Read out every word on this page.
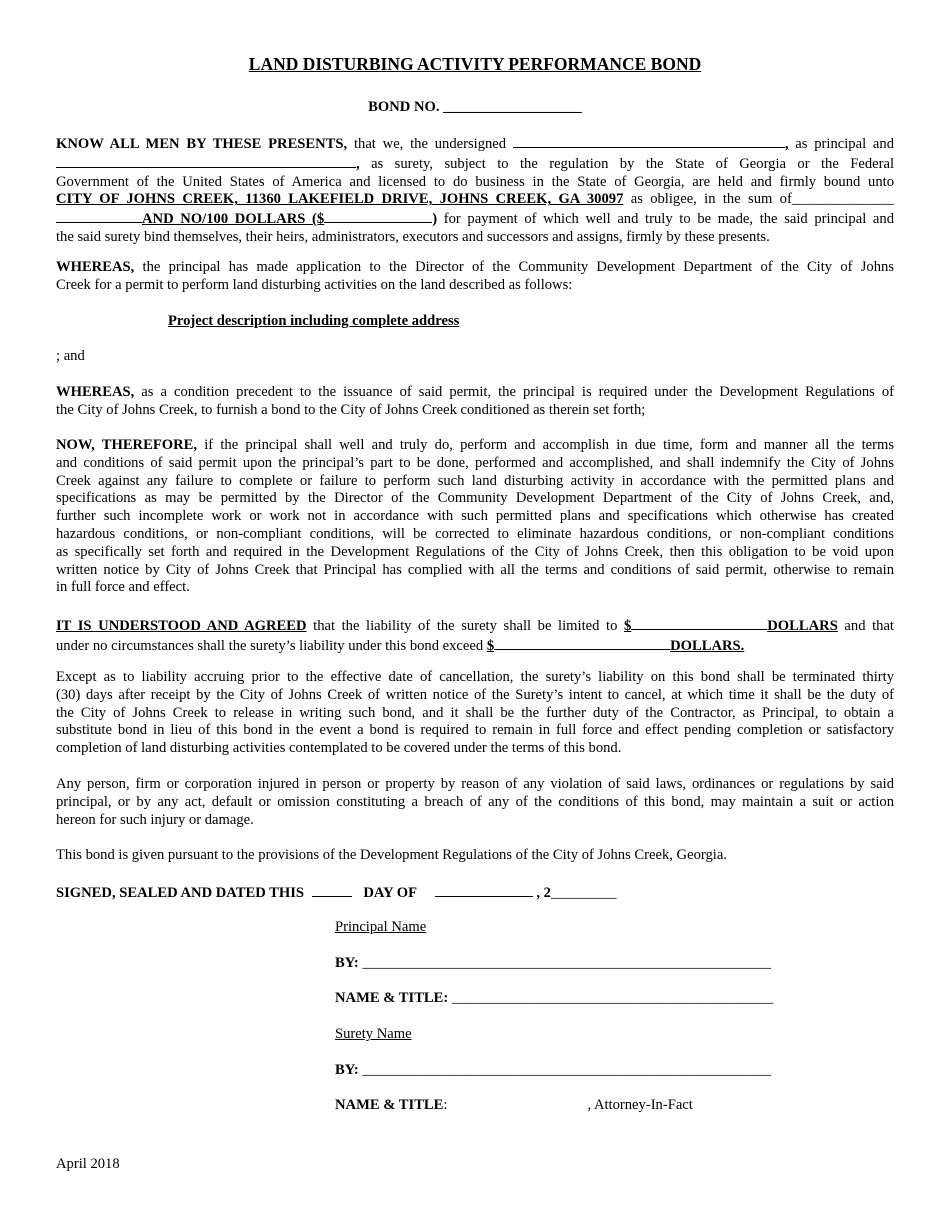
LAND DISTURBING ACTIVITY PERFORMANCE BOND
BOND NO. ___________________
KNOW ALL MEN BY THESE PRESENTS, that we, the undersigned	, as principal and
, as surety, subject to the regulation by the State of Georgia or the Federal
Government of the United States of America and licensed to do business in the State of Georgia, are held and firmly bound unto
CITY OF JOHNS CREEK, 11360 LAKEFIELD DRIVE, JOHNS CREEK, GA 30097 as obligee, in the sum of______________
AND NO/100 DOLLARS ($	) for payment of which well and truly to be made, the said principal and
the said surety bind themselves, their heirs, administrators, executors and successors and assigns, firmly by these presents.
WHEREAS, the principal has made application to the Director of the Community Development Department of the City of Johns
Creek for a permit to perform land disturbing activities on the land described as follows:
Project description including complete address
; and
WHEREAS, as a condition precedent to the issuance of said permit, the principal is required under the Development Regulations of
the City of Johns Creek, to furnish a bond to the City of Johns Creek conditioned as therein set forth;
NOW, THEREFORE, if the principal shall well and truly do, perform and accomplish in due time, form and manner all the terms
and conditions of said permit upon the principal’s part to be done, performed and accomplished, and shall indemnify the City of Johns
Creek against any failure to complete or failure to perform such land disturbing activity in accordance with the permitted plans and
specifications as may be permitted by the Director of the Community Development Department of the City of Johns Creek, and,
further such incomplete work or work not in accordance with such permitted plans and specifications which otherwise has created
hazardous conditions, or non-compliant conditions, will be corrected to eliminate hazardous conditions, or non-compliant conditions
as specifically set forth and required in the Development Regulations of the City of Johns Creek, then this obligation to be void upon
written notice by City of Johns Creek that Principal has complied with all the terms and conditions of said permit, otherwise to remain
in full force and effect.
IT IS UNDERSTOOD AND AGREED that the liability of the surety shall be limited to $	DOLLARS and that
under no circumstances shall the surety’s liability under this bond exceed $	DOLLARS.
Except as to liability accruing prior to the effective date of cancellation, the surety’s liability on this bond shall be terminated thirty
(30) days after receipt by the City of Johns Creek of written notice of the Surety’s intent to cancel, at which time it shall be the duty of
the City of Johns Creek to release in writing such bond, and it shall be the further duty of the Contractor, as Principal, to obtain a
substitute bond in lieu of this bond in the event a bond is required to remain in full force and effect pending completion or satisfactory
completion of land disturbing activities contemplated to be covered under the terms of this bond.
Any person, firm or corporation injured in person or property by reason of any violation of said laws, ordinances or regulations by said
principal, or by any act, default or omission constituting a breach of any of the conditions of this bond, may maintain a suit or action
hereon for such injury or damage.
This bond is given pursuant to the provisions of the Development Regulations of the City of Johns Creek, Georgia.
SIGNED, SEALED AND DATED THIS	DAY OF	, 2_________
Principal Name
BY: ________________________________________________________
NAME & TITLE: ____________________________________________
Surety Name
BY: ________________________________________________________
NAME & TITLE:	, Attorney-In-Fact
April 2018
